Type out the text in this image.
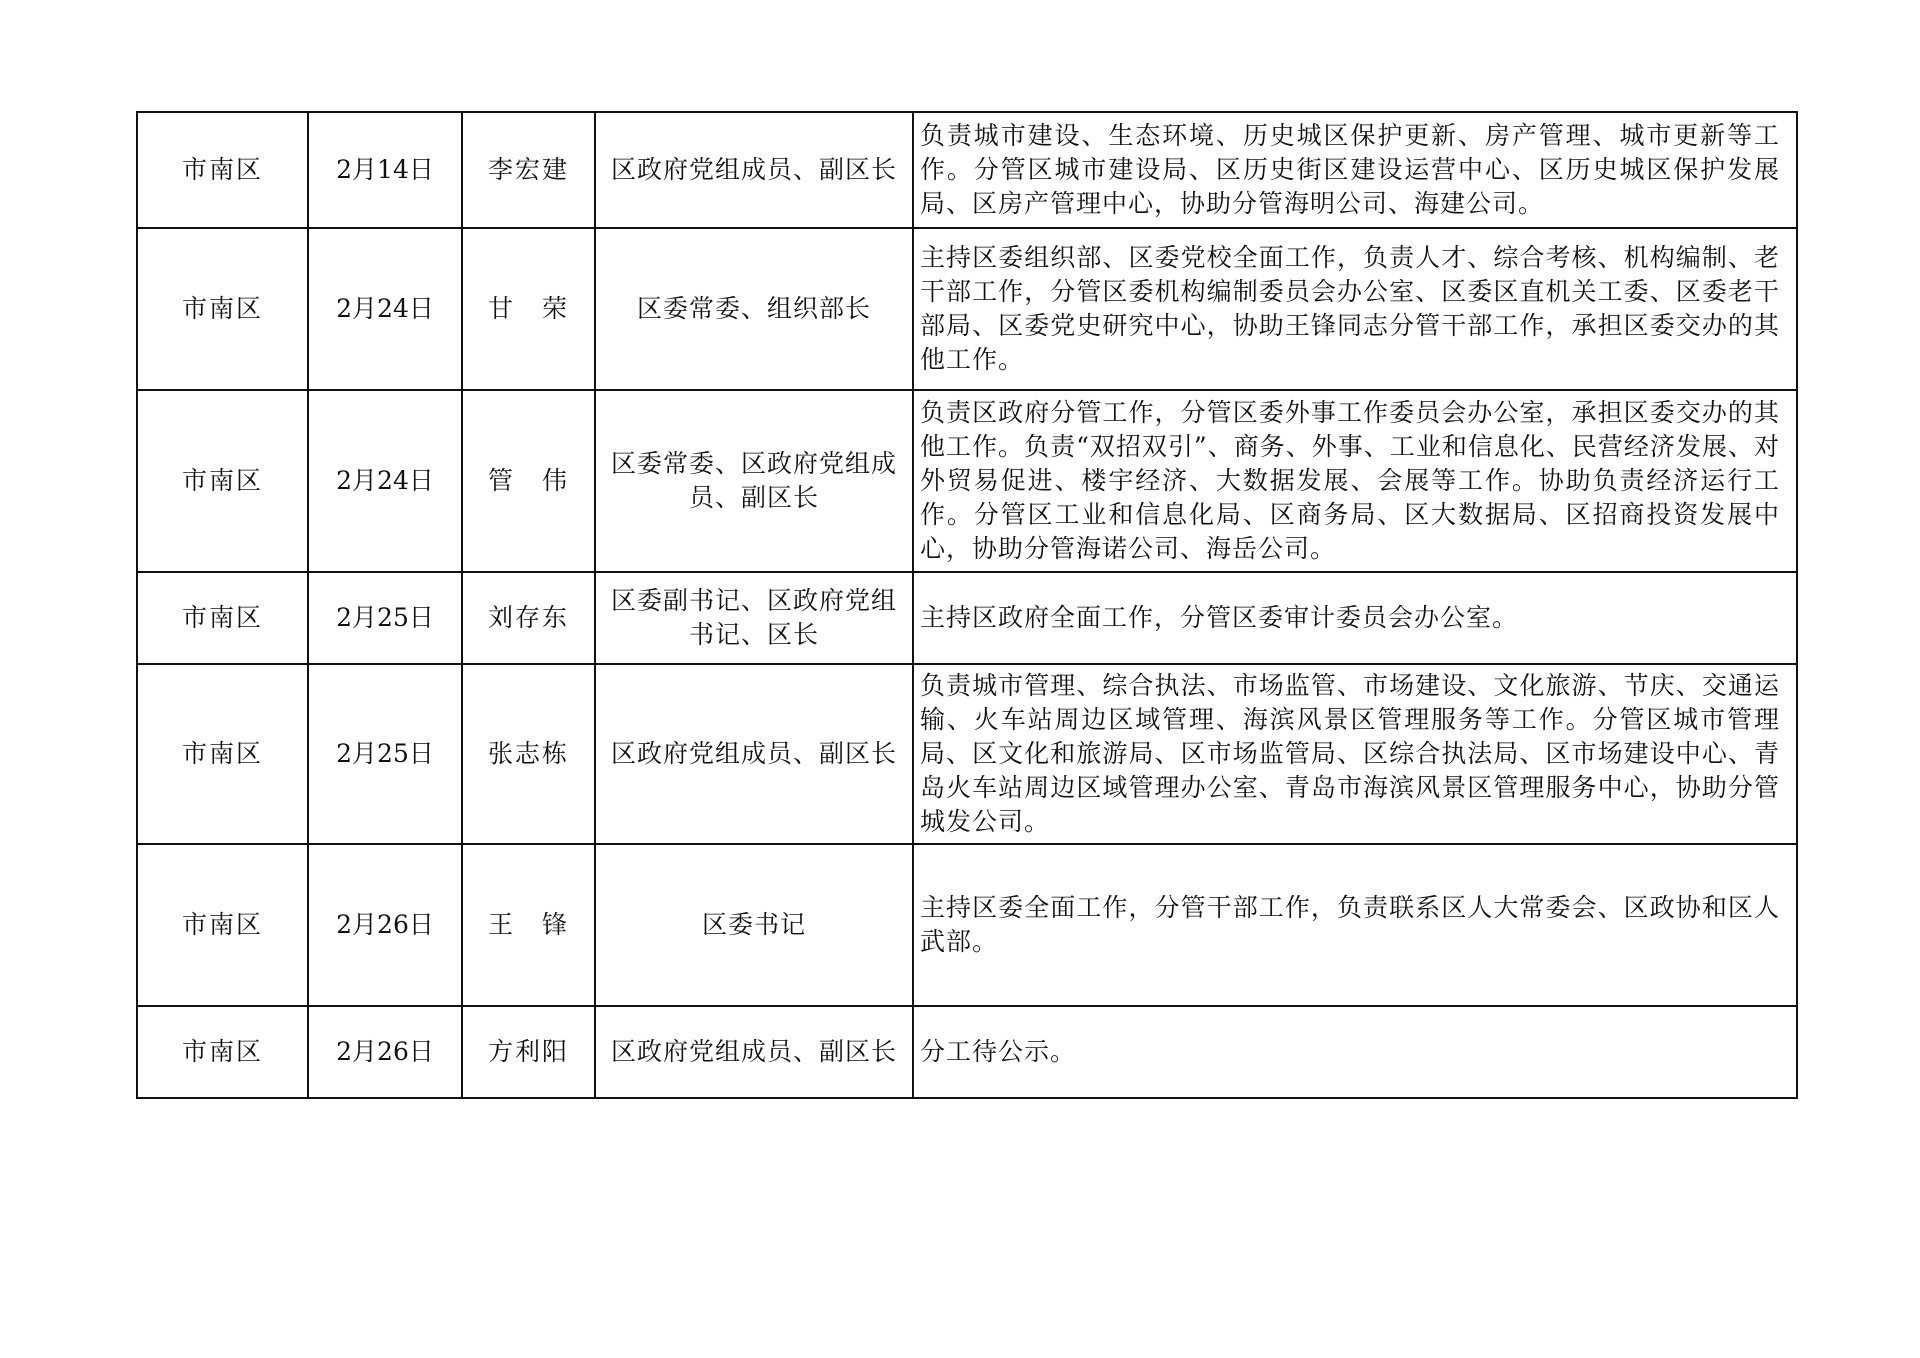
市南区	2月14日	李宏建	区政府党组成员、副区长	负责城市建设、生态环境、历史城区保护更新、房产管理、城市更新等工作。分管区城市建设局、区历史街区建设运营中心、区历史城区保护发展局、区房产管理中心，协助分管海明公司、海建公司。
市南区	2月24日	甘　荣	区委常委、组织部长	主持区委组织部、区委党校全面工作，负责人才、综合考核、机构编制、老干部工作，分管区委机构编制委员会办公室、区委区直机关工委、区委老干部局、区委党史研究中心，协助王锋同志分管干部工作，承担区委交办的其他工作。
市南区	2月24日	管　伟	区委常委、区政府党组成员、副区长	负责区政府分管工作，分管区委外事工作委员会办公室，承担区委交办的其他工作。负责“双招双引”、商务、外事、工业和信息化、民营经济发展、对外贸易促进、楼宇经济、大数据发展、会展等工作。协助负责经济运行工作。分管区工业和信息化局、区商务局、区大数据局、区招商投资发展中心，协助分管海诺公司、海岳公司。
市南区	2月25日	刘存东	区委副书记、区政府党组书记、区长	主持区政府全面工作，分管区委审计委员会办公室。
市南区	2月25日	张志栋	区政府党组成员、副区长	负责城市管理、综合执法、市场监管、市场建设、文化旅游、节庆、交通运输、火车站周边区域管理、海滨风景区管理服务等工作。分管区城市管理局、区文化和旅游局、区市场监管局、区综合执法局、区市场建设中心、青岛火车站周边区域管理办公室、青岛市海滨风景区管理服务中心，协助分管城发公司。
市南区	2月26日	王　锋	区委书记	主持区委全面工作，分管干部工作，负责联系区人大常委会、区政协和区人武部。
市南区	2月26日	方利阳	区政府党组成员、副区长	分工待公示。
